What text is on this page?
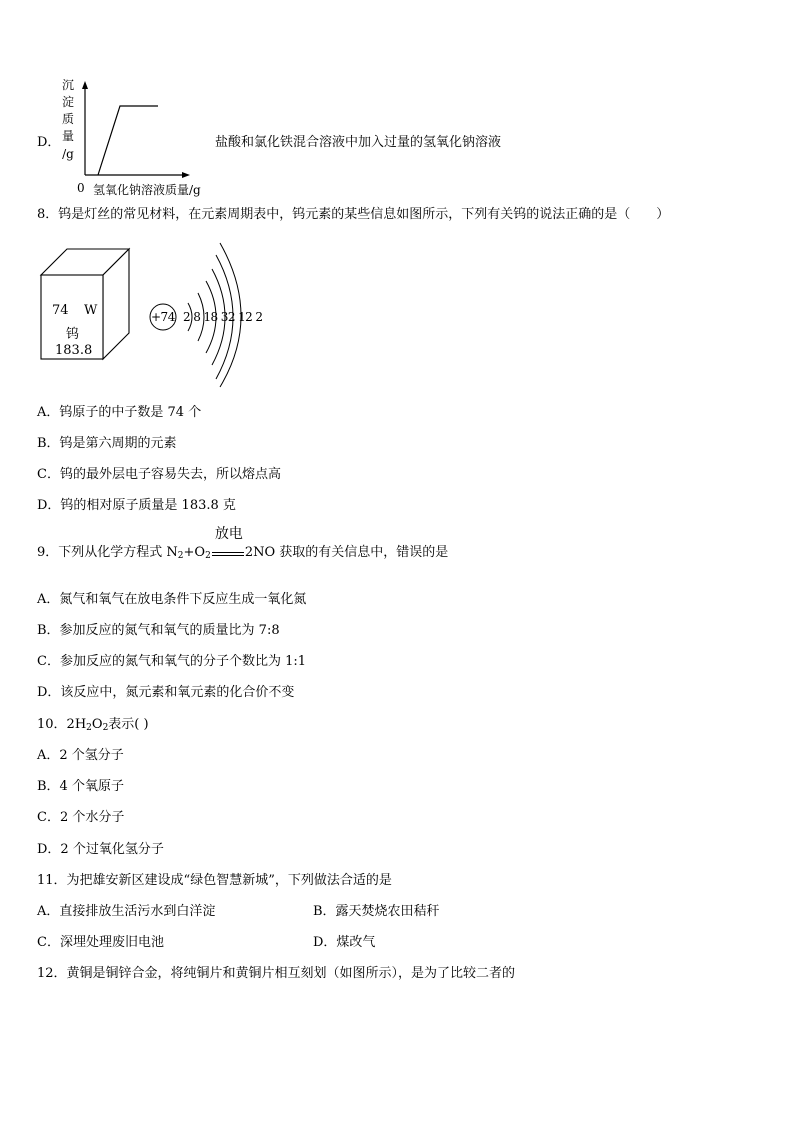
D．
沉
淀
质
量
/g
0 氢氧化钠溶液质量/g
盐酸和氯化铁混合溶液中加入过量的氢氧化钠溶液
8．钨是灯丝的常见材料，在元素周期表中，钨元素的某些信息如图所示，下列有关钨的说法正确的是（　　）
74 W
钨
183.8
+74 2 8 18 32 12 2
A．钨原子的中子数是 74 个
B．钨是第六周期的元素
C．钨的最外层电子容易失去，所以熔点高
D．钨的相对原子质量是 183.8 克
9．下列从化学方程式 $N_2+O_2$
放电
2NO 获取的有关信息中，错误的是
A．氮气和氧气在放电条件下反应生成一氧化氮
B．参加反应的氮气和氧气的质量比为 7:8
C．参加反应的氮气和氧气的分子个数比为 1:1
D．该反应中，氮元素和氧元素的化合价不变
10．$2H_2O_2$表示( )
A．2 个氢分子
B．4 个氧原子
C．2 个水分子
D．2 个过氧化氢分子
11．为把雄安新区建设成“绿色智慧新城”，下列做法合适的是
A．直接排放生活污水到白洋淀	B．露天焚烧农田秸秆
C．深埋处理废旧电池	D．煤改气
12．黄铜是铜锌合金，将纯铜片和黄铜片相互刻划（如图所示），是为了比较二者的
